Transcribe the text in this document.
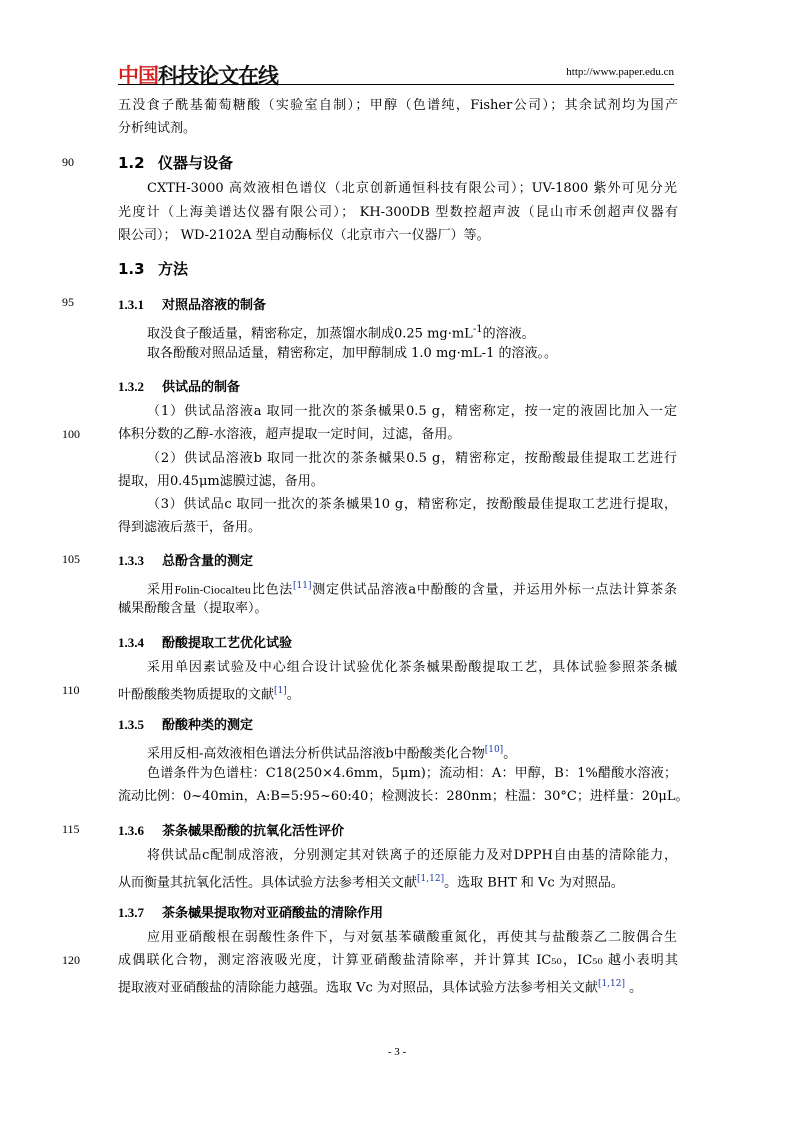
中国科技论文在线	http://www.paper.edu.cn
五没食子酰基葡萄糖酸（实验室自制）；甲醇（色谱纯，Fisher公司）；其余试剂均为国产
分析纯试剂。
90	1.2 仪器与设备
CXTH-3000 高效液相色谱仪（北京创新通恒科技有限公司）；UV-1800 紫外可见分光
光度计（上海美谱达仪器有限公司）； KH-300DB 型数控超声波（昆山市禾创超声仪器有
限公司）； WD-2102A 型自动酶标仪（北京市六一仪器厂）等。
1.3 方法
95	1.3.1 对照品溶液的制备
取没食子酸适量，精密称定，加蒸馏水制成0.25 $mg\cdot mL^{-1}$的溶液。
取各酚酸对照品适量，精密称定，加甲醇制成 1.0 mg·mL-1 的溶液。。
1.3.2 供试品的制备
（1）供试品溶液a 取同一批次的茶条槭果0.5 g，精密称定，按一定的液固比加入一定
100	体积分数的乙醇-水溶液，超声提取一定时间，过滤，备用。
（2）供试品溶液b 取同一批次的茶条槭果0.5 g，精密称定，按酚酸最佳提取工艺进行
提取，用0.45μm滤膜过滤，备用。
（3）供试品c 取同一批次的茶条槭果10 g，精密称定，按酚酸最佳提取工艺进行提取，
得到滤液后蒸干，备用。
105	1.3.3 总酚含量的测定
采用Folin-Ciocalteu比色法[11]测定供试品溶液a中酚酸的含量，并运用外标一点法计算茶条
槭果酚酸含量（提取率）。
1.3.4 酚酸提取工艺优化试验
采用单因素试验及中心组合设计试验优化茶条槭果酚酸提取工艺，具体试验参照茶条槭
110	叶酚酸酸类物质提取的文献[1]。
1.3.5 酚酸种类的测定
采用反相-高效液相色谱法分析供试品溶液b中酚酸类化合物[10]。
色谱条件为色谱柱：C18(250×4.6mm，5μm)；流动相：A：甲醇，B：1%醋酸水溶液；
流动比例：0~40min，A:B=5:95~60:40；检测波长：280nm；柱温：30°C；进样量：20μL。
115	1.3.6 茶条槭果酚酸的抗氧化活性评价
将供试品c配制成溶液，分别测定其对铁离子的还原能力及对DPPH自由基的清除能力，
从而衡量其抗氧化活性。具体试验方法参考相关文献[1,12]。选取 BHT 和 Vc 为对照品。
1.3.7 茶条槭果提取物对亚硝酸盐的清除作用
应用亚硝酸根在弱酸性条件下，与对氨基苯磺酸重氮化，再使其与盐酸萘乙二胺偶合生
120	成偶联化合物，测定溶液吸光度，计算亚硝酸盐清除率，并计算其 IC₅₀，IC₅₀ 越小表明其
提取液对亚硝酸盐的清除能力越强。选取 Vc 为对照品，具体试验方法参考相关文献[1,12] 。
- 3 -
